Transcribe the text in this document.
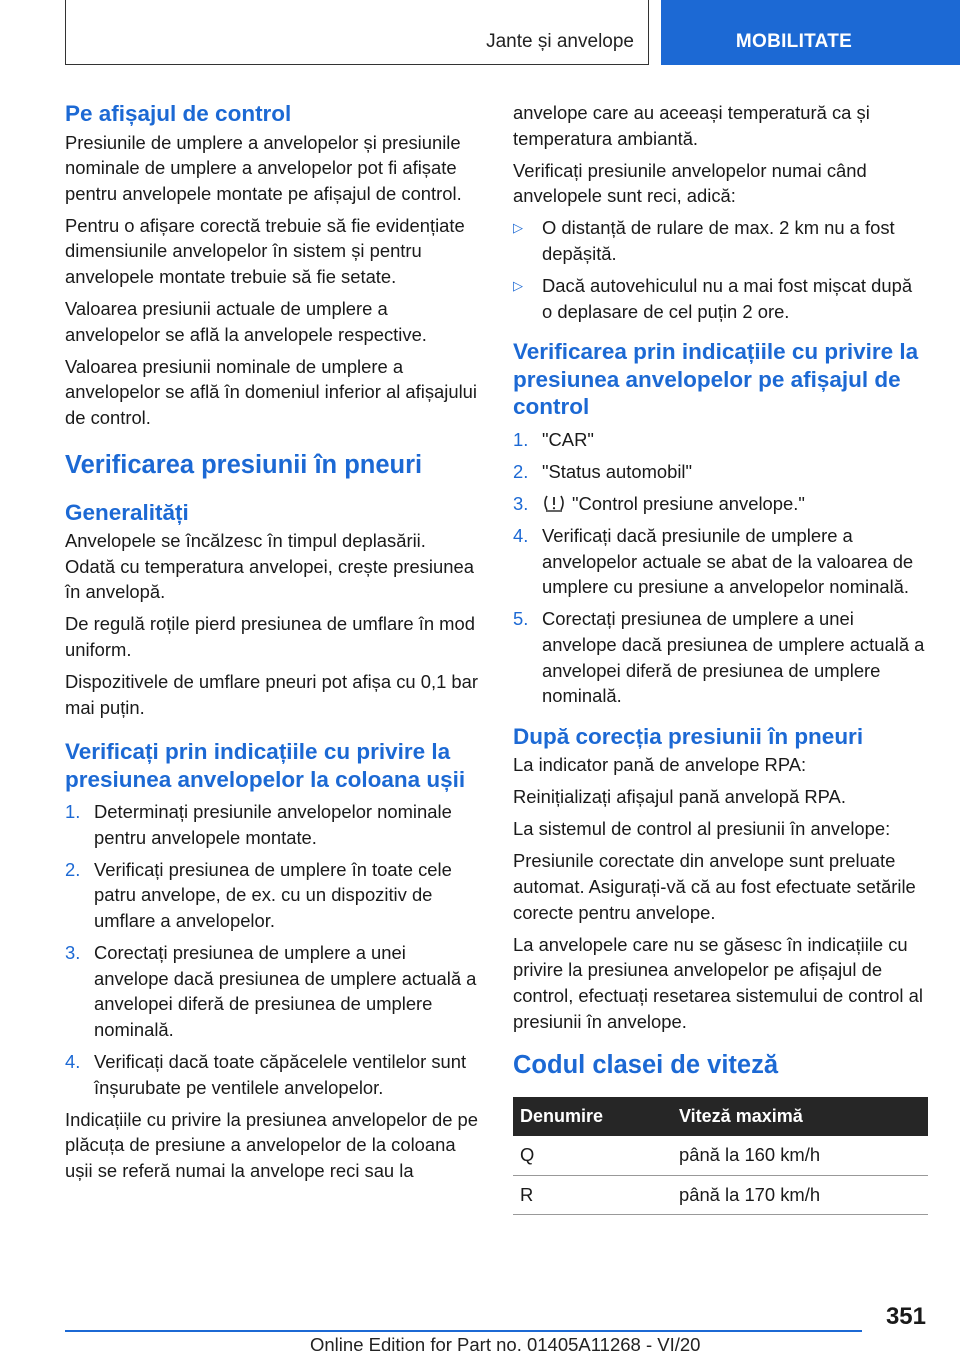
Jante și anvelope	MOBILITATE
Pe afișajul de control

Presiunile de umplere a anvelopelor și presiunile nominale de umplere a anvelopelor pot fi afișate pentru anvelopele montate pe afișajul de control.

Pentru o afișare corectă trebuie să fie evidențiate dimensiunile anvelopelor în sistem și pentru anvelopele montate trebuie să fie setate.

Valoarea presiunii actuale de umplere a anvelopelor se află la anvelopele respective.

Valoarea presiunii nominale de umplere a anvelopelor se află în domeniul inferior al afișajului de control.

Verificarea presiunii în pneuri
Generalități

Anvelopele se încălzesc în timpul deplasării. Odată cu temperatura anvelopei, crește presiunea în anvelopă.

De regulă roțile pierd presiunea de umflare în mod uniform.

Dispozitivele de umflare pneuri pot afișa cu 0,1 bar mai puțin.

Verificați prin indicațiile cu privire la presiunea anvelopelor la coloana ușii
1. Determinați presiunile anvelopelor nominale pentru anvelopele montate.
2. Verificați presiunea de umplere în toate cele patru anvelope, de ex. cu un dispozitiv de umflare a anvelopelor.
3. Corectați presiunea de umplere a unei anvelope dacă presiunea de umplere actuală a anvelopei diferă de presiunea de umplere nominală.
4. Verificați dacă toate căpăcelele ventilelor sunt înșurubate pe ventilele anvelopelor.

Indicațiile cu privire la presiunea anvelopelor de pe plăcuța de presiune a anvelopelor de la coloana ușii se referă numai la anvelope reci sau la

anvelope care au aceeași temperatură ca și temperatura ambiantă.

Verificați presiunile anvelopelor numai când anvelopele sunt reci, adică:

▷ O distanță de rulare de max. 2 km nu a fost depășită.
▷ Dacă autovehiculul nu a mai fost mișcat după o deplasare de cel puțin 2 ore.
Verificarea prin indicațiile cu privire la presiunea anvelopelor pe afișajul de control
1. "CAR"
2. "Status automobil"
3. "Control presiune anvelope."
4. Verificați dacă presiunile de umplere a anvelopelor actuale se abat de la valoarea de umplere cu presiune a anvelopelor nominală.
5. Corectați presiunea de umplere a unei anvelope dacă presiunea de umplere actuală a anvelopei diferă de presiunea de umplere nominală.
După corecția presiunii în pneuri

La indicator pană de anvelope RPA:

Reinițializați afișajul pană anvelopă RPA.

La sistemul de control al presiunii în anvelope:

Presiunile corectate din anvelope sunt preluate automat. Asigurați-vă că au fost efectuate setările corecte pentru anvelope.

La anvelopele care nu se găsesc în indicațiile cu privire la presiunea anvelopelor pe afișajul de control, efectuați resetarea sistemului de control al presiunii în anvelope.

Codul clasei de viteză
Denumire	Viteză maximă
Q	până la 160 km/h
R	până la 170 km/h
351
Online Edition for Part no. 01405A11268 - VI/20
